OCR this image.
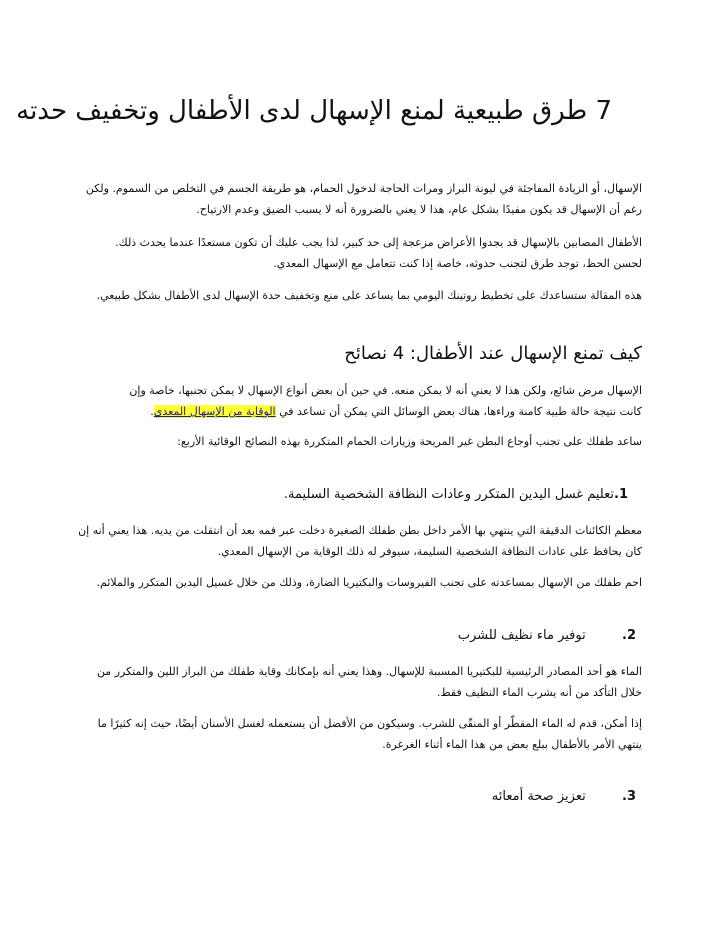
7 طرق طبيعية لمنع الإسهال لدى الأطفال وتخفيف حدته

الإسهال، أو الزيادة المفاجئة في ليونة البراز ومرات الحاجة لدخول الحمام، هو طريقة الجسم في التخلص من السموم. ولكن
رغم أن الإسهال قد يكون مفيدًا بشكل عام، هذا لا يعني بالضرورة أنه لا يسبب الضيق وعدم الارتياح.

الأطفال المصابين بالإسهال قد يجدوا الأعراض مزعجة إلى حد كبير، لذا يجب عليك أن تكون مستعدًا عندما يحدث ذلك.
لحسن الحظ، توجد طرق لتجنب حدوثه، خاصة إذا كنت تتعامل مع الإسهال المعدي.

هذه المقالة ستساعدك على تخطيط روتينك اليومي بما يساعد على منع وتخفيف حدة الإسهال لدى الأطفال بشكل طبيعي.

كيف تمنع الإسهال عند الأطفال: 4 نصائح

الإسهال مرض شائع، ولكن هذا لا يعني أنه لا يمكن منعه. في حين أن بعض أنواع الإسهال لا يمكن تجنبها، خاصة وإن
كانت نتيجة حالة طبية كامنة وراءها، هناك بعض الوسائل التي يمكن أن تساعد في الوقاية من الإسهال المعدي.

ساعد طفلك على تجنب أوجاع البطن غير المريحة وزيارات الحمام المتكررة بهذه النصائح الوقائية الأربع:

1.تعليم غسل اليدين المتكرر وعادات النظافة الشخصية السليمة.

معظم الكائنات الدقيقة التي ينتهي بها الأمر داخل بطن طفلك الصغيرة دخلت عبر فمه بعد أن انتقلت من يديه. هذا يعني أنه إن
كان يحافظ على عادات النظافة الشخصية السليمة، سيوفر له ذلك الوقاية من الإسهال المعدي.

احم طفلك من الإسهال بمساعدته على تجنب الفيروسات والبكتيريا الضارة، وذلك من خلال غسيل اليدين المتكرر والملائم.

2.  توفير ماء نظيف للشرب

الماء هو أحد المصادر الرئيسية للبكتيريا المسببة للإسهال. وهذا يعني أنه بإمكانك وقاية طفلك من البراز اللين والمتكرر من
خلال التأكد من أنه يشرب الماء النظيف فقط.

إذا أمكن، قدم له الماء المقطّر أو المنقّى للشرب. وسيكون من الأفضل أن يستعمله لغسل الأسنان أيضًا، حيث إنه كثيرًا ما
ينتهي الأمر بالأطفال ببلع بعض من هذا الماء أثناء الغرغرة.

3.  تعزيز صحة أمعائه
